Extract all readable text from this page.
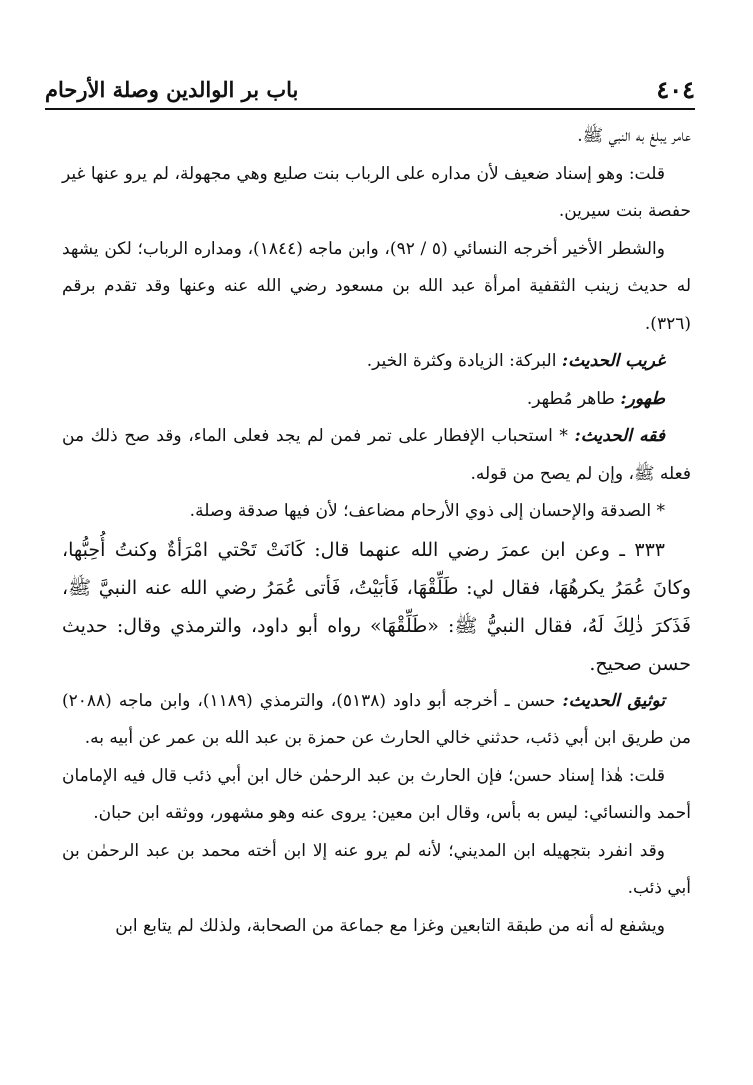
٤٠٤
باب بر الوالدين وصلة الأرحام

عامر يبلغ به النبي ﷺ.

قلت: وهو إسناد ضعيف لأن مداره على الرباب بنت صليع وهي مجهولة، لم يرو عنها غير حفصة بنت سيرين.

والشطر الأخير أخرجه النسائي (٥ / ٩٢)، وابن ماجه (١٨٤٤)، ومداره الرباب؛ لكن يشهد له حديث زينب الثقفية امرأة عبد الله بن مسعود رضي الله عنه وعنها وقد تقدم برقم (٣٢٦).

غريب الحديث: البركة: الزيادة وكثرة الخير.

طهور: طاهر مُطهر.

فقه الحديث: * استحباب الإفطار على تمر فمن لم يجد فعلى الماء، وقد صح ذلك من فعله ﷺ، وإن لم يصح من قوله.

* الصدقة والإحسان إلى ذوي الأرحام مضاعف؛ لأن فيها صدقة وصلة.

٣٣٣ ـ وعن ابن عمرَ رضي الله عنهما قال: كَانَتْ تَحْتي امْرَأةٌ وكنتُ أُحِبُّها، وكانَ عُمَرُ يكرهُهَا، فقال لي: طَلِّقْهَا، فَأبَيْتُ، فَأتى عُمَرُ رضي الله عنه النبيَّ ﷺ، فَذَكرَ ذٰلِكَ لَهُ، فقال النبيُّ ﷺ: «طَلِّقْهَا» رواه أبو داود، والترمذي وقال: حديث حسن صحيح.

توثيق الحديث: حسن ـ أخرجه أبو داود (٥١٣٨)، والترمذي (١١٨٩)، وابن ماجه (٢٠٨٨) من طريق ابن أبي ذئب، حدثني خالي الحارث عن حمزة بن عبد الله بن عمر عن أبيه به.

قلت: هٰذا إسناد حسن؛ فإن الحارث بن عبد الرحمٰن خال ابن أبي ذئب قال فيه الإمامان أحمد والنسائي: ليس به بأس، وقال ابن معين: يروى عنه وهو مشهور، ووثقه ابن حبان.

وقد انفرد بتجهيله ابن المديني؛ لأنه لم يرو عنه إلا ابن أخته محمد بن عبد الرحمٰن بن أبي ذئب.

ويشفع له أنه من طبقة التابعين وغزا مع جماعة من الصحابة، ولذلك لم يتابع ابن
